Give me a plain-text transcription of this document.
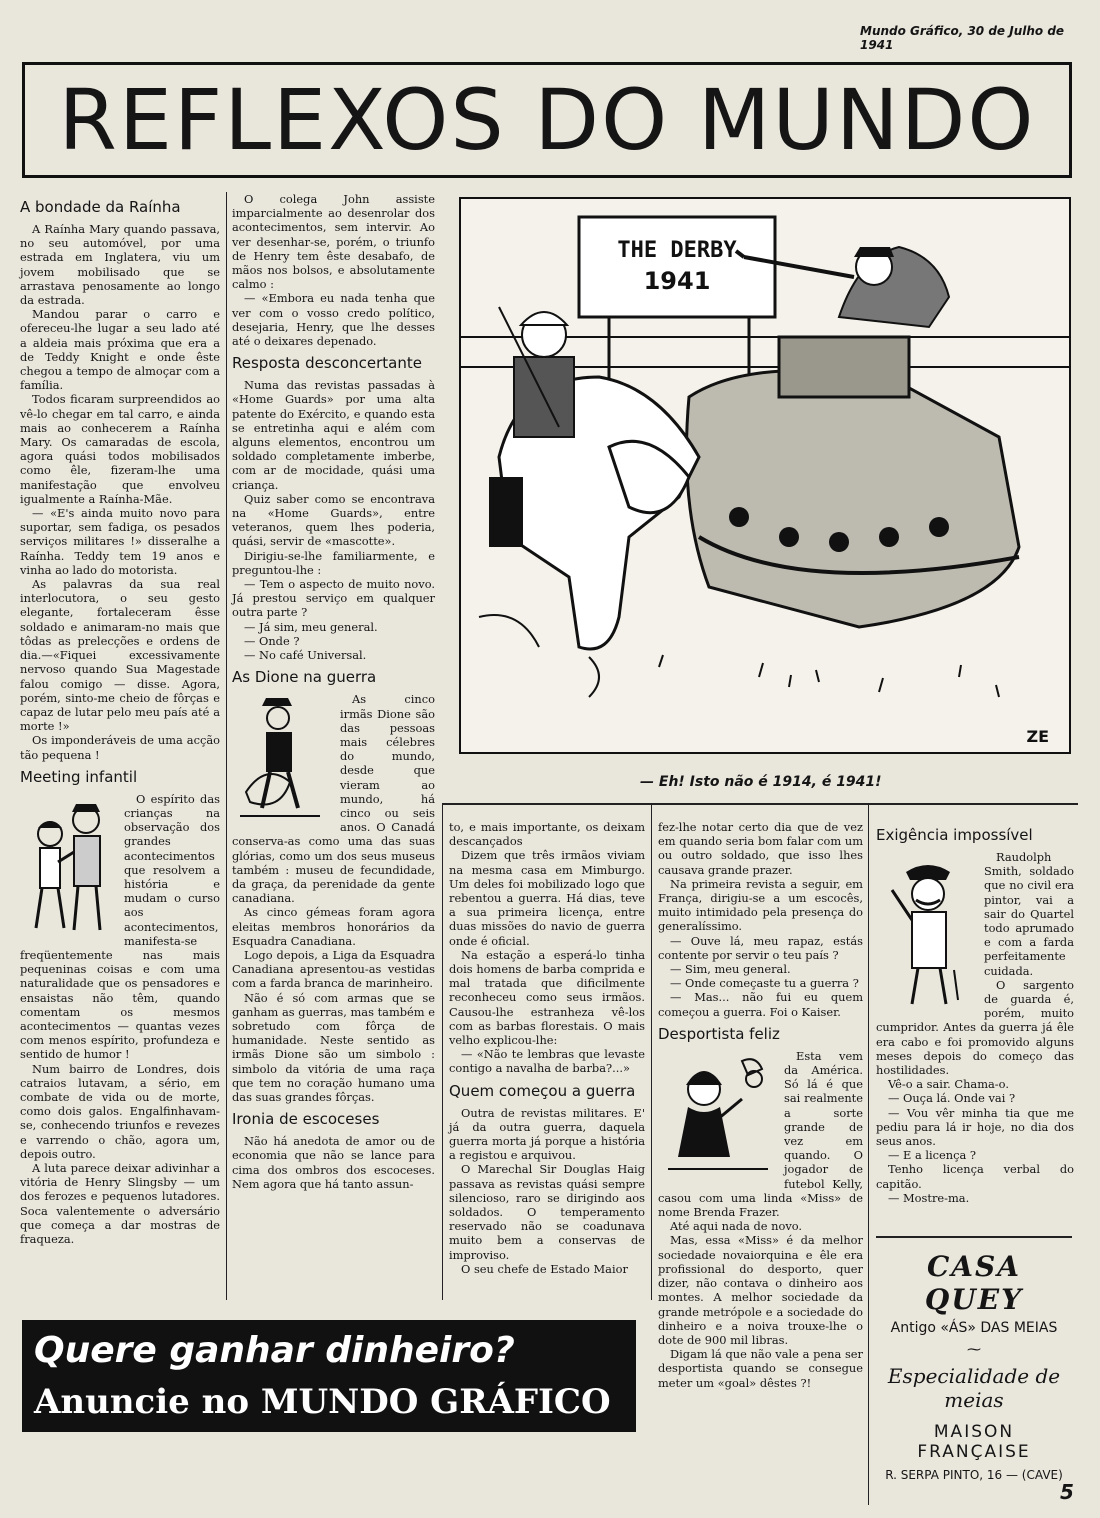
Mundo Gráfico, 30 de Julho de 1941
REFLEXOS DO MUNDO
A bondade da Raínha

A Raínha Mary quando passava, no seu automóvel, por uma estrada em Inglatera, viu um jovem mobilisado que se arrastava penosamente ao longo da estrada.

Mandou parar o carro e ofereceu-lhe lugar a seu lado até a aldeia mais próxima que era a de Teddy Knight e onde êste chegou a tempo de almoçar com a família.

Todos ficaram surpreendidos ao vê-lo chegar em tal carro, e ainda mais ao conhecerem a Raínha Mary. Os camaradas de escola, agora quási todos mobilisados como êle, fizeram-lhe uma manifestação que envolveu igualmente a Raínha-Mãe.

— «E's ainda muito novo para suportar, sem fadiga, os pesados serviços militares !» disseralhe a Raínha. Teddy tem 19 anos e vinha ao lado do motorista.

As palavras da sua real interlocutora, o seu gesto elegante, fortaleceram êsse soldado e animaram-no mais que tôdas as prelecções e ordens de dia.—«Fiquei excessivamente nervoso quando Sua Magestade falou comigo — disse. Agora, porém, sinto-me cheio de fôrças e capaz de lutar pelo meu país até a morte !»

Os imponderáveis de uma acção tão pequena !

Meeting infantil

O espírito das crianças na observação dos grandes acontecimentos que resolvem a história e mudam o curso aos acontecimentos, manifesta-se freqüentemente nas mais pequeninas coisas e com uma naturalidade que os pensadores e ensaistas não têm, quando comentam os mesmos acontecimentos — quantas vezes com menos espírito, profundeza e sentido de humor !

Num bairro de Londres, dois catraios lutavam, a sério, em combate de vida ou de morte, como dois galos. Engalfinhavam-se, conhecendo triunfos e revezes e varrendo o chão, agora um, depois outro.

A luta parece deixar adivinhar a vitória de Henry Slingsby — um dos ferozes e pequenos lutadores. Soca valentemente o adversário que começa a dar mostras de fraqueza.

O colega John assiste imparcialmente ao desenrolar dos acontecimentos, sem intervir. Ao ver desenhar-se, porém, o triunfo de Henry tem êste desabafo, de mãos nos bolsos, e absolutamente calmo :

— «Embora eu nada tenha que ver com o vosso credo político, desejaria, Henry, que lhe desses até o deixares depenado.

Resposta desconcertante

Numa das revistas passadas à «Home Guards» por uma alta patente do Exército, e quando esta se entretinha aqui e além com alguns elementos, encontrou um soldado completamente imberbe, com ar de mocidade, quási uma criança.

Quiz saber como se encontrava na «Home Guards», entre veteranos, quem lhes poderia, quási, servir de «mascotte».

Dirigiu-se-lhe familiarmente, e preguntou-lhe :

— Tem o aspecto de muito novo. Já prestou serviço em qualquer outra parte ?

— Já sim, meu general.

— Onde ?

— No café Universal.

As Dione na guerra

As cinco irmãs Dione são das pessoas mais célebres do mundo, desde que vieram ao mundo, há cinco ou seis anos. O Canadá conserva-as como uma das suas glórias, como um dos seus museus também : museu de fecundidade, da graça, da perenidade da gente canadiana.

As cinco gémeas foram agora eleitas membros honorários da Esquadra Canadiana.

Logo depois, a Liga da Esquadra Canadiana apresentou-as vestidas com a farda branca de marinheiro.

Não é só com armas que se ganham as guerras, mas também e sobretudo com fôrça de humanidade. Neste sentido as irmãs Dione são um simbolo : simbolo da vitória de uma raça que tem no coração humano uma das suas grandes fôrças.

Ironia de escoceses

Não há anedota de amor ou de economia que não se lance para cima dos ombros dos escoceses. Nem agora que há tanto assun-

THE DERBY
1941
ZE
— Eh! Isto não é 1914, é 1941!

to, e mais importante, os deixam descançados

Dizem que três irmãos viviam na mesma casa em Mimburgo. Um deles foi mobilizado logo que rebentou a guerra. Há dias, teve a sua primeira licença, entre duas missões do navio de guerra onde é oficial.

Na estação a esperá-lo tinha dois homens de barba comprida e mal tratada que dificilmente reconheceu como seus irmãos. Causou-lhe estranheza vê-los com as barbas florestais. O mais velho explicou-lhe:

— «Não te lembras que levaste contigo a navalha de barba?...»

Quem começou a guerra

Outra de revistas militares. E' já da outra guerra, daquela guerra morta já porque a história a registou e arquivou.

O Marechal Sir Douglas Haig passava as revistas quási sempre silencioso, raro se dirigindo aos soldados. O temperamento reservado não se coadunava muito bem a conservas de improviso.

O seu chefe de Estado Maior

fez-lhe notar certo dia que de vez em quando seria bom falar com um ou outro soldado, que isso lhes causava grande prazer.

Na primeira revista a seguir, em França, dirigiu-se a um escocês, muito intimidado pela presença do generalíssimo.

— Ouve lá, meu rapaz, estás contente por servir o teu país ?

— Sim, meu general.

— Onde começaste tu a guerra ?

— Mas... não fui eu quem começou a guerra. Foi o Kaiser.

Desportista feliz

Esta vem da América. Só lá é que sai realmente a sorte grande de vez em quando. O jogador de futebol Kelly, casou com uma linda «Miss» de nome Brenda Frazer.

Até aqui nada de novo.

Mas, essa «Miss» é da melhor sociedade novaiorquina e êle era profissional do desporto, quer dizer, não contava o dinheiro aos montes. A melhor sociedade da grande metrópole e a sociedade do dinheiro e a noiva trouxe-lhe o dote de 900 mil libras.

Digam lá que não vale a pena ser desportista quando se consegue meter um «goal» dêstes ?!

Exigência impossível

Raudolph Smith, soldado que no civil era pintor, vai a sair do Quartel todo aprumado e com a farda perfeitamente cuidada.

O sargento de guarda é, porém, muito cumpridor. Antes da guerra já êle era cabo e foi promovido alguns meses depois do começo das hostilidades.

Vê-o a sair. Chama-o.

— Ouça lá. Onde vai ?

— Vou vêr minha tia que me pediu para lá ir hoje, no dia dos seus anos.

— E a licença ?

Tenho licença verbal do capitão.

— Mostre-ma.

CASA QUEY
Antigo «ÁS» DAS MEIAS
⁓
Especialidade de meias
MAISON FRANÇAISE
R. SERPA PINTO, 16 — (CAVE)
Quere ganhar dinheiro?
Anuncie no MUNDO GRÁFICO
5
